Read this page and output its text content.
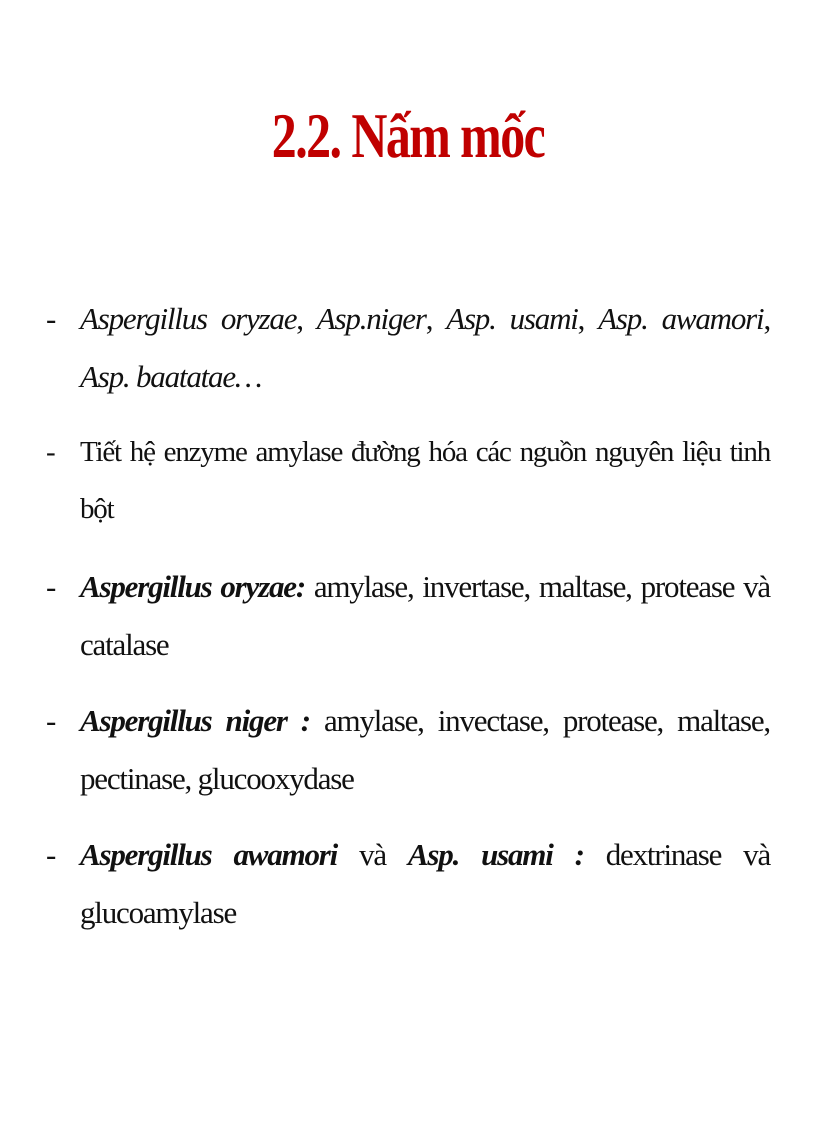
2.2. Nấm mốc
- Aspergillus oryzae, Asp.niger, Asp. usami, Asp. awamori, Asp. baatatae…
- Tiết hệ enzyme amylase đường hóa các nguồn nguyên liệu tinh bột
- Aspergillus oryzae: amylase, invertase, maltase, protease và catalase
- Aspergillus niger : amylase, invectase, protease, maltase, pectinase, glucooxydase
- Aspergillus awamori và Asp. usami : dextrinase và glucoamylase
